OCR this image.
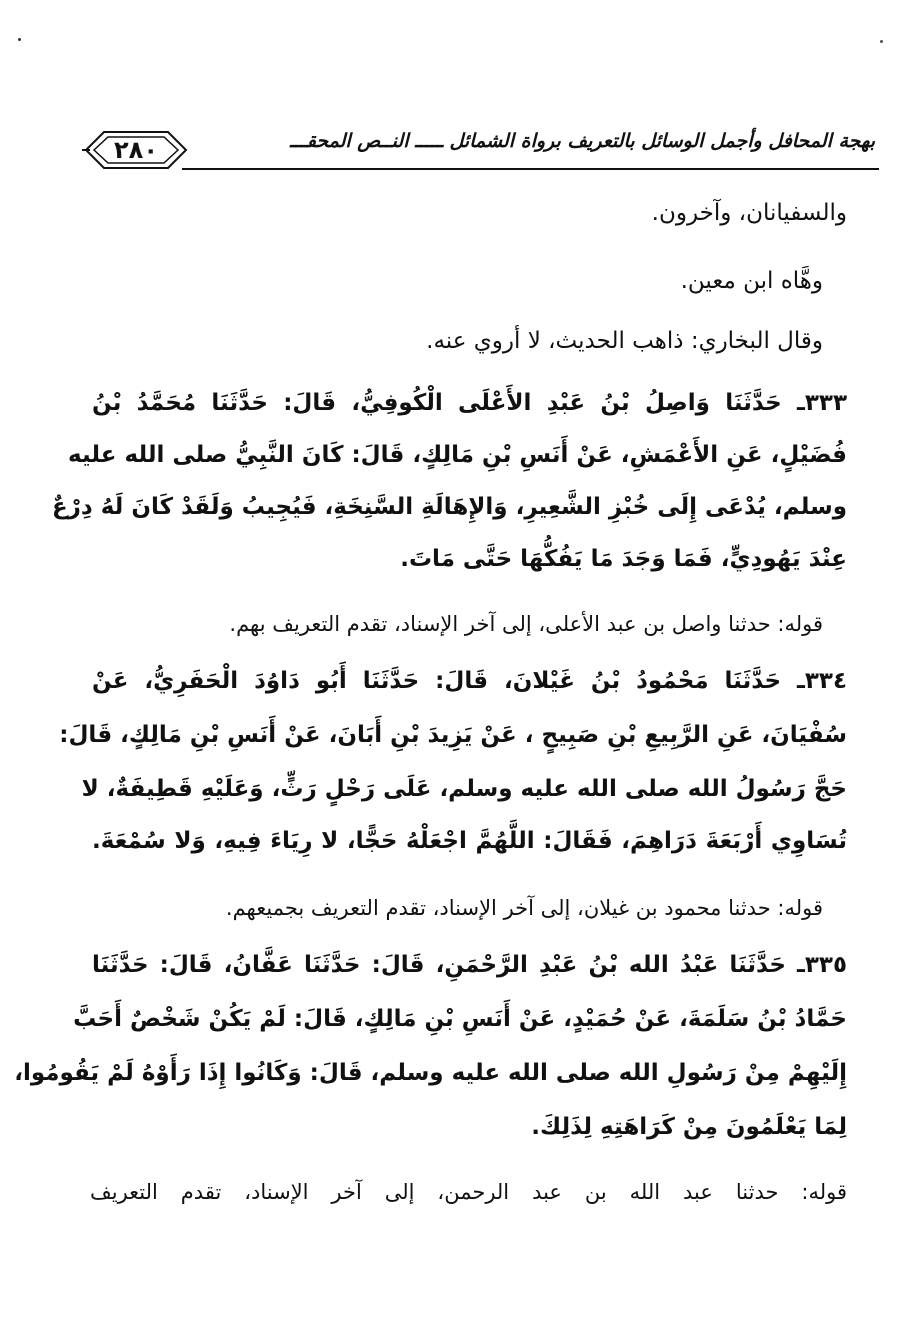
٢٨٠	بهجة المحافل وأجمل الوسائل بالتعريف برواة الشمائل ـــــ النــص المحقـــ
والسفيانان، وآخرون.
وهَّاه ابن معين.
وقال البخاري: ذاهب الحديث، لا أروي عنه.
٣٣٣ـ حَدَّثَنَا وَاصِلُ بْنُ عَبْدِ الأَعْلَى الْكُوفِيُّ، قَالَ: حَدَّثَنَا مُحَمَّدُ بْنُ
فُضَيْلٍ، عَنِ الأَعْمَشِ، عَنْ أَنَسِ بْنِ مَالِكٍ، قَالَ: كَانَ النَّبِيُّ صلى الله عليه
وسلم، يُدْعَى إِلَى خُبْزِ الشَّعِيرِ، وَالإِهَالَةِ السَّنِخَةِ، فَيُجِيبُ وَلَقَدْ كَانَ لَهُ دِرْعٌ
عِنْدَ يَهُودِيٍّ، فَمَا وَجَدَ مَا يَفُكُّهَا حَتَّى مَاتَ.
قوله: حدثنا واصل بن عبد الأعلى، إلى آخر الإسناد، تقدم التعريف بهم.
٣٣٤ـ حَدَّثَنَا مَحْمُودُ بْنُ غَيْلانَ، قَالَ: حَدَّثَنَا أَبُو دَاوُدَ الْحَفَرِيُّ، عَنْ
سُفْيَانَ، عَنِ الرَّبِيعِ بْنِ صَبِيحٍ ، عَنْ يَزِيدَ بْنِ أَبَانَ، عَنْ أَنَسِ بْنِ مَالِكٍ، قَالَ:
حَجَّ رَسُولُ الله صلى الله عليه وسلم، عَلَى رَحْلٍ رَثٍّ، وَعَلَيْهِ قَطِيفَةٌ، لا
تُسَاوِي أَرْبَعَةَ دَرَاهِمَ، فَقَالَ: اللَّهُمَّ اجْعَلْهُ حَجًّا، لا رِيَاءَ فِيهِ، وَلا سُمْعَةَ.
قوله: حدثنا محمود بن غيلان، إلى آخر الإسناد، تقدم التعريف بجميعهم.
٣٣٥ـ حَدَّثَنَا عَبْدُ الله بْنُ عَبْدِ الرَّحْمَنِ، قَالَ: حَدَّثَنَا عَفَّانُ، قَالَ: حَدَّثَنَا
حَمَّادُ بْنُ سَلَمَةَ، عَنْ حُمَيْدٍ، عَنْ أَنَسِ بْنِ مَالِكٍ، قَالَ: لَمْ يَكُنْ شَخْصٌ أَحَبَّ
إِلَيْهِمْ مِنْ رَسُولِ الله صلى الله عليه وسلم، قَالَ: وَكَانُوا إِذَا رَأَوْهُ لَمْ يَقُومُوا،
لِمَا يَعْلَمُونَ مِنْ كَرَاهَتِهِ لِذَلِكَ.
قوله: حدثنا عبد الله بن عبد الرحمن، إلى آخر الإسناد، تقدم التعريف
